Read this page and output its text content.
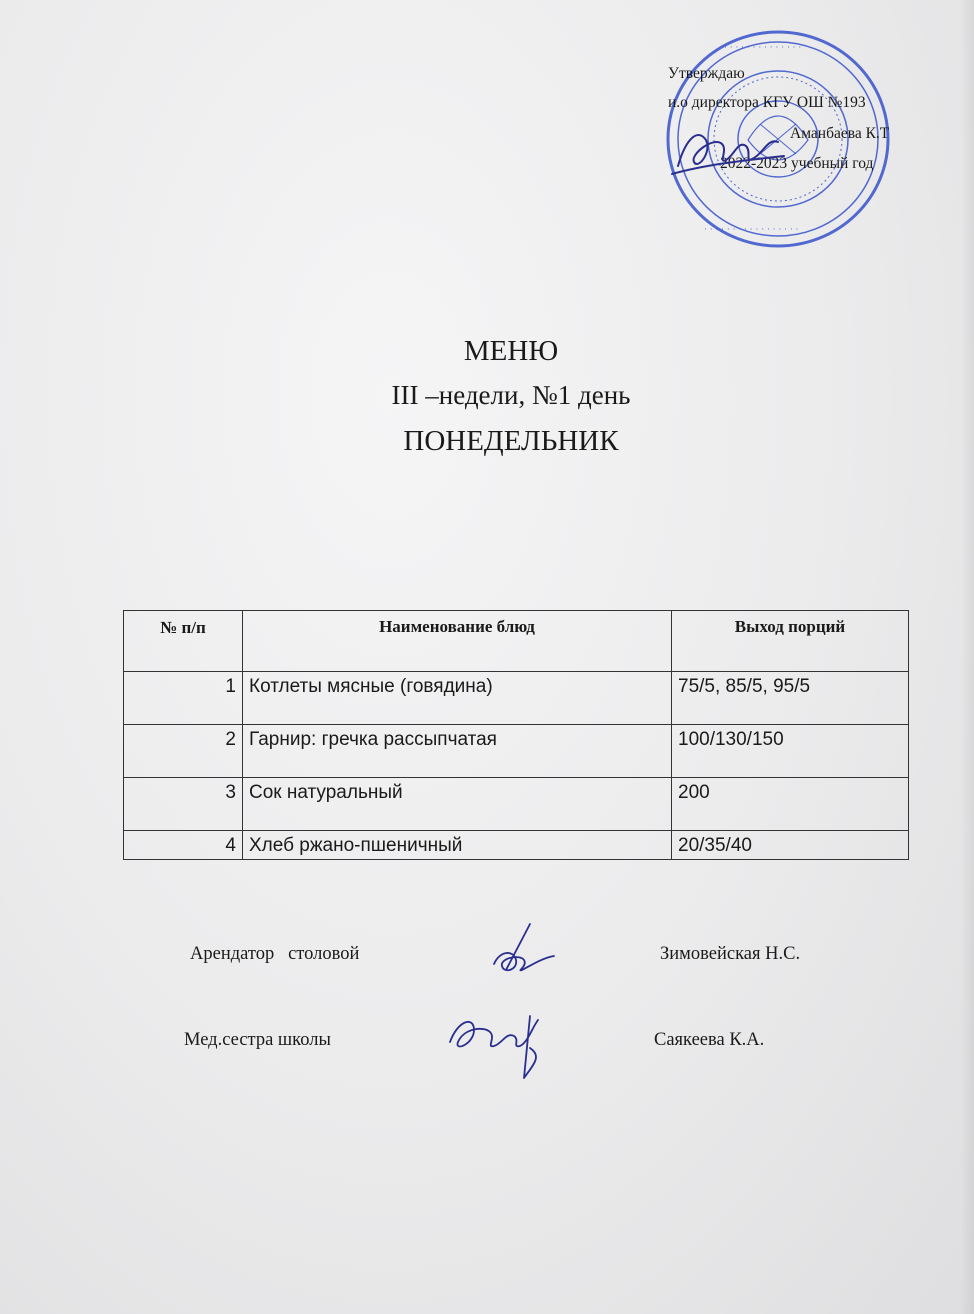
· · · · · · · · · · · · · ·
· · · · · · · · · · · · · · · · ·
Утверждаю
и.о директора КГУ ОШ №193
Аманбаева К.Т
2022-2023 учебный год
МЕНЮ
III –недели, №1 день
ПОНЕДЕЛЬНИК
№ п/п	Наименование блюд	Выход порций
1	Котлеты мясные (говядина)	75/5, 85/5, 95/5
2	Гарнир: гречка рассыпчатая	100/130/150
3	Сок натуральный	200
4	Хлеб ржано-пшеничный	20/35/40
Арендатор   столовой	Зимовейская Н.С.
Мед.сестра школы	Саякеева К.А.
